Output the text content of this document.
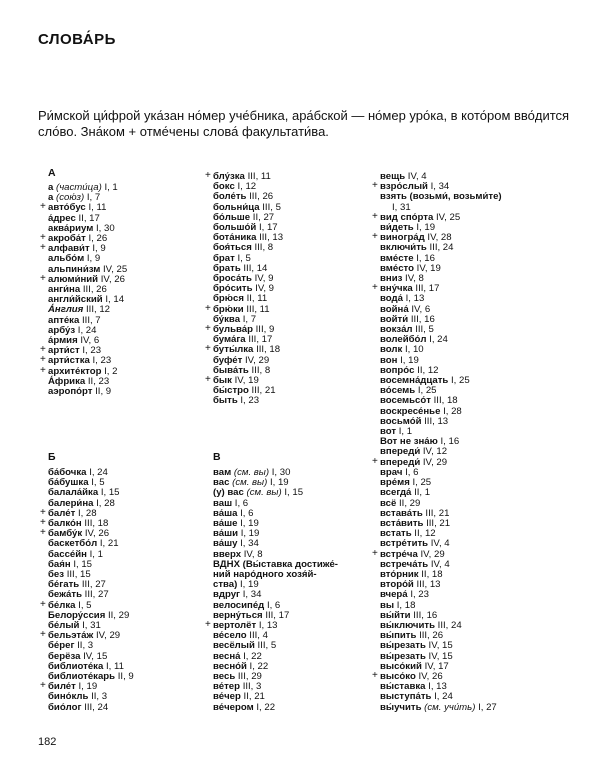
СЛОВА́РЬ
Ри́мской ци́фрой ука́зан но́мер уче́бника, ара́бской — но́мер уро́ка, в кото́ром вво́дится сло́во. Зна́ком + отме́чены слова́ факультати́ва.
А
а (части́ца) I, 1
а (сою́з) I, 7
+ авто́бус I, 11
а́дрес II, 17
аква́риум I, 30
+ акроба́т I, 26
+ алфави́т I, 9
альбо́м I, 9
альпини́зм IV, 25
+ алюми́ний IV, 26
анги́на III, 26
англи́йский I, 14
А́нглия III, 12
апте́ка III, 7
арбу́з I, 24
а́рмия IV, 6
+ арти́ст I, 23
+ арти́стка I, 23
+ архите́ктор I, 2
А́фрика II, 23
аэропо́рт II, 9
Б
ба́бочка I, 24
ба́бушка I, 5
балала́йка I, 15
балери́на I, 28
+ бале́т I, 28
+ балко́н III, 18
+ бамбу́к IV, 26
баскетбо́л I, 21
бассе́йн I, 1
бая́н I, 15
без III, 15
бе́гать III, 27
бежа́ть III, 27
+ бе́лка I, 5
Белору́ссия II, 29
бе́лый I, 31
+ бельэта́ж IV, 29
бе́рег II, 3
берёза IV, 15
библиоте́ка I, 11
библиоте́карь II, 9
+ биле́т I, 19
бино́кль II, 3
био́лог III, 24
+ блу́зка III, 11
бокс I, 12
боле́ть III, 26
больни́ца III, 5
бо́льше II, 27
большо́й I, 17
бота́ника III, 13
боя́ться III, 8
брат I, 5
брать III, 14
броса́ть IV, 9
бро́сить IV, 9
брю́ся II, 11
+ брю́ки III, 11
бу́ква I, 7
+ бульва́р III, 9
бума́га III, 17
+ буты́лка III, 18
буфе́т IV, 29
быва́ть III, 8
+ бык IV, 19
бы́стро III, 21
быть I, 23
В
вам (см. вы) I, 30
вас (см. вы) I, 19
(у) вас (см. вы) I, 15
ваш I, 6
ва́ша I, 6
ва́ше I, 19
ва́ши I, 19
ва́шу I, 34
вверх IV, 8
ВДНХ (Вы́ставка достиже́-
ний наро́дного хозя́й-
ства) I, 19
вдруг I, 34
велосипе́д I, 6
верну́ться III, 17
+ вертолёт I, 13
ве́село III, 4
весёлый III, 5
весна́ I, 22
весно́й I, 22
весь III, 29
ве́тер III, 3
ве́чер II, 21
ве́чером I, 22
вещь IV, 4
+ взро́слый I, 34
взять (возьми́, возьми́те)
I, 31
+ вид спо́рта IV, 25
ви́деть I, 19
+ виногра́д IV, 28
включи́ть III, 24
вме́сте I, 16
вме́сто IV, 19
вниз IV, 8
+ вну́чка III, 17
вода́ I, 13
война́ IV, 6
войти́ III, 16
вокза́л III, 5
волейбо́л I, 24
волк I, 10
вон I, 19
вопро́с II, 12
восемна́дцать I, 25
во́семь I, 25
восемьсо́т III, 18
воскресе́нье I, 28
восьмо́й III, 13
вот I, 1
Вот не зна́ю I, 16
впереди́ IV, 12
+ впереди́ IV, 29
врач I, 6
вре́мя I, 25
всегда́ II, 1
всё II, 29
встава́ть III, 21
вста́вить III, 21
встать II, 12
встре́тить IV, 4
+ встре́ча IV, 29
встреча́ть IV, 4
вто́рник II, 18
второ́й III, 13
вчера́ I, 23
вы I, 18
вы́йти III, 16
вы́ключить III, 24
вы́пить III, 26
вы́резать IV, 15
вы́резать IV, 15
высо́кий IV, 17
+ высо́ко IV, 26
вы́ставка I, 13
выступа́ть I, 24
вы́учить (см. учи́ть) I, 27
182
